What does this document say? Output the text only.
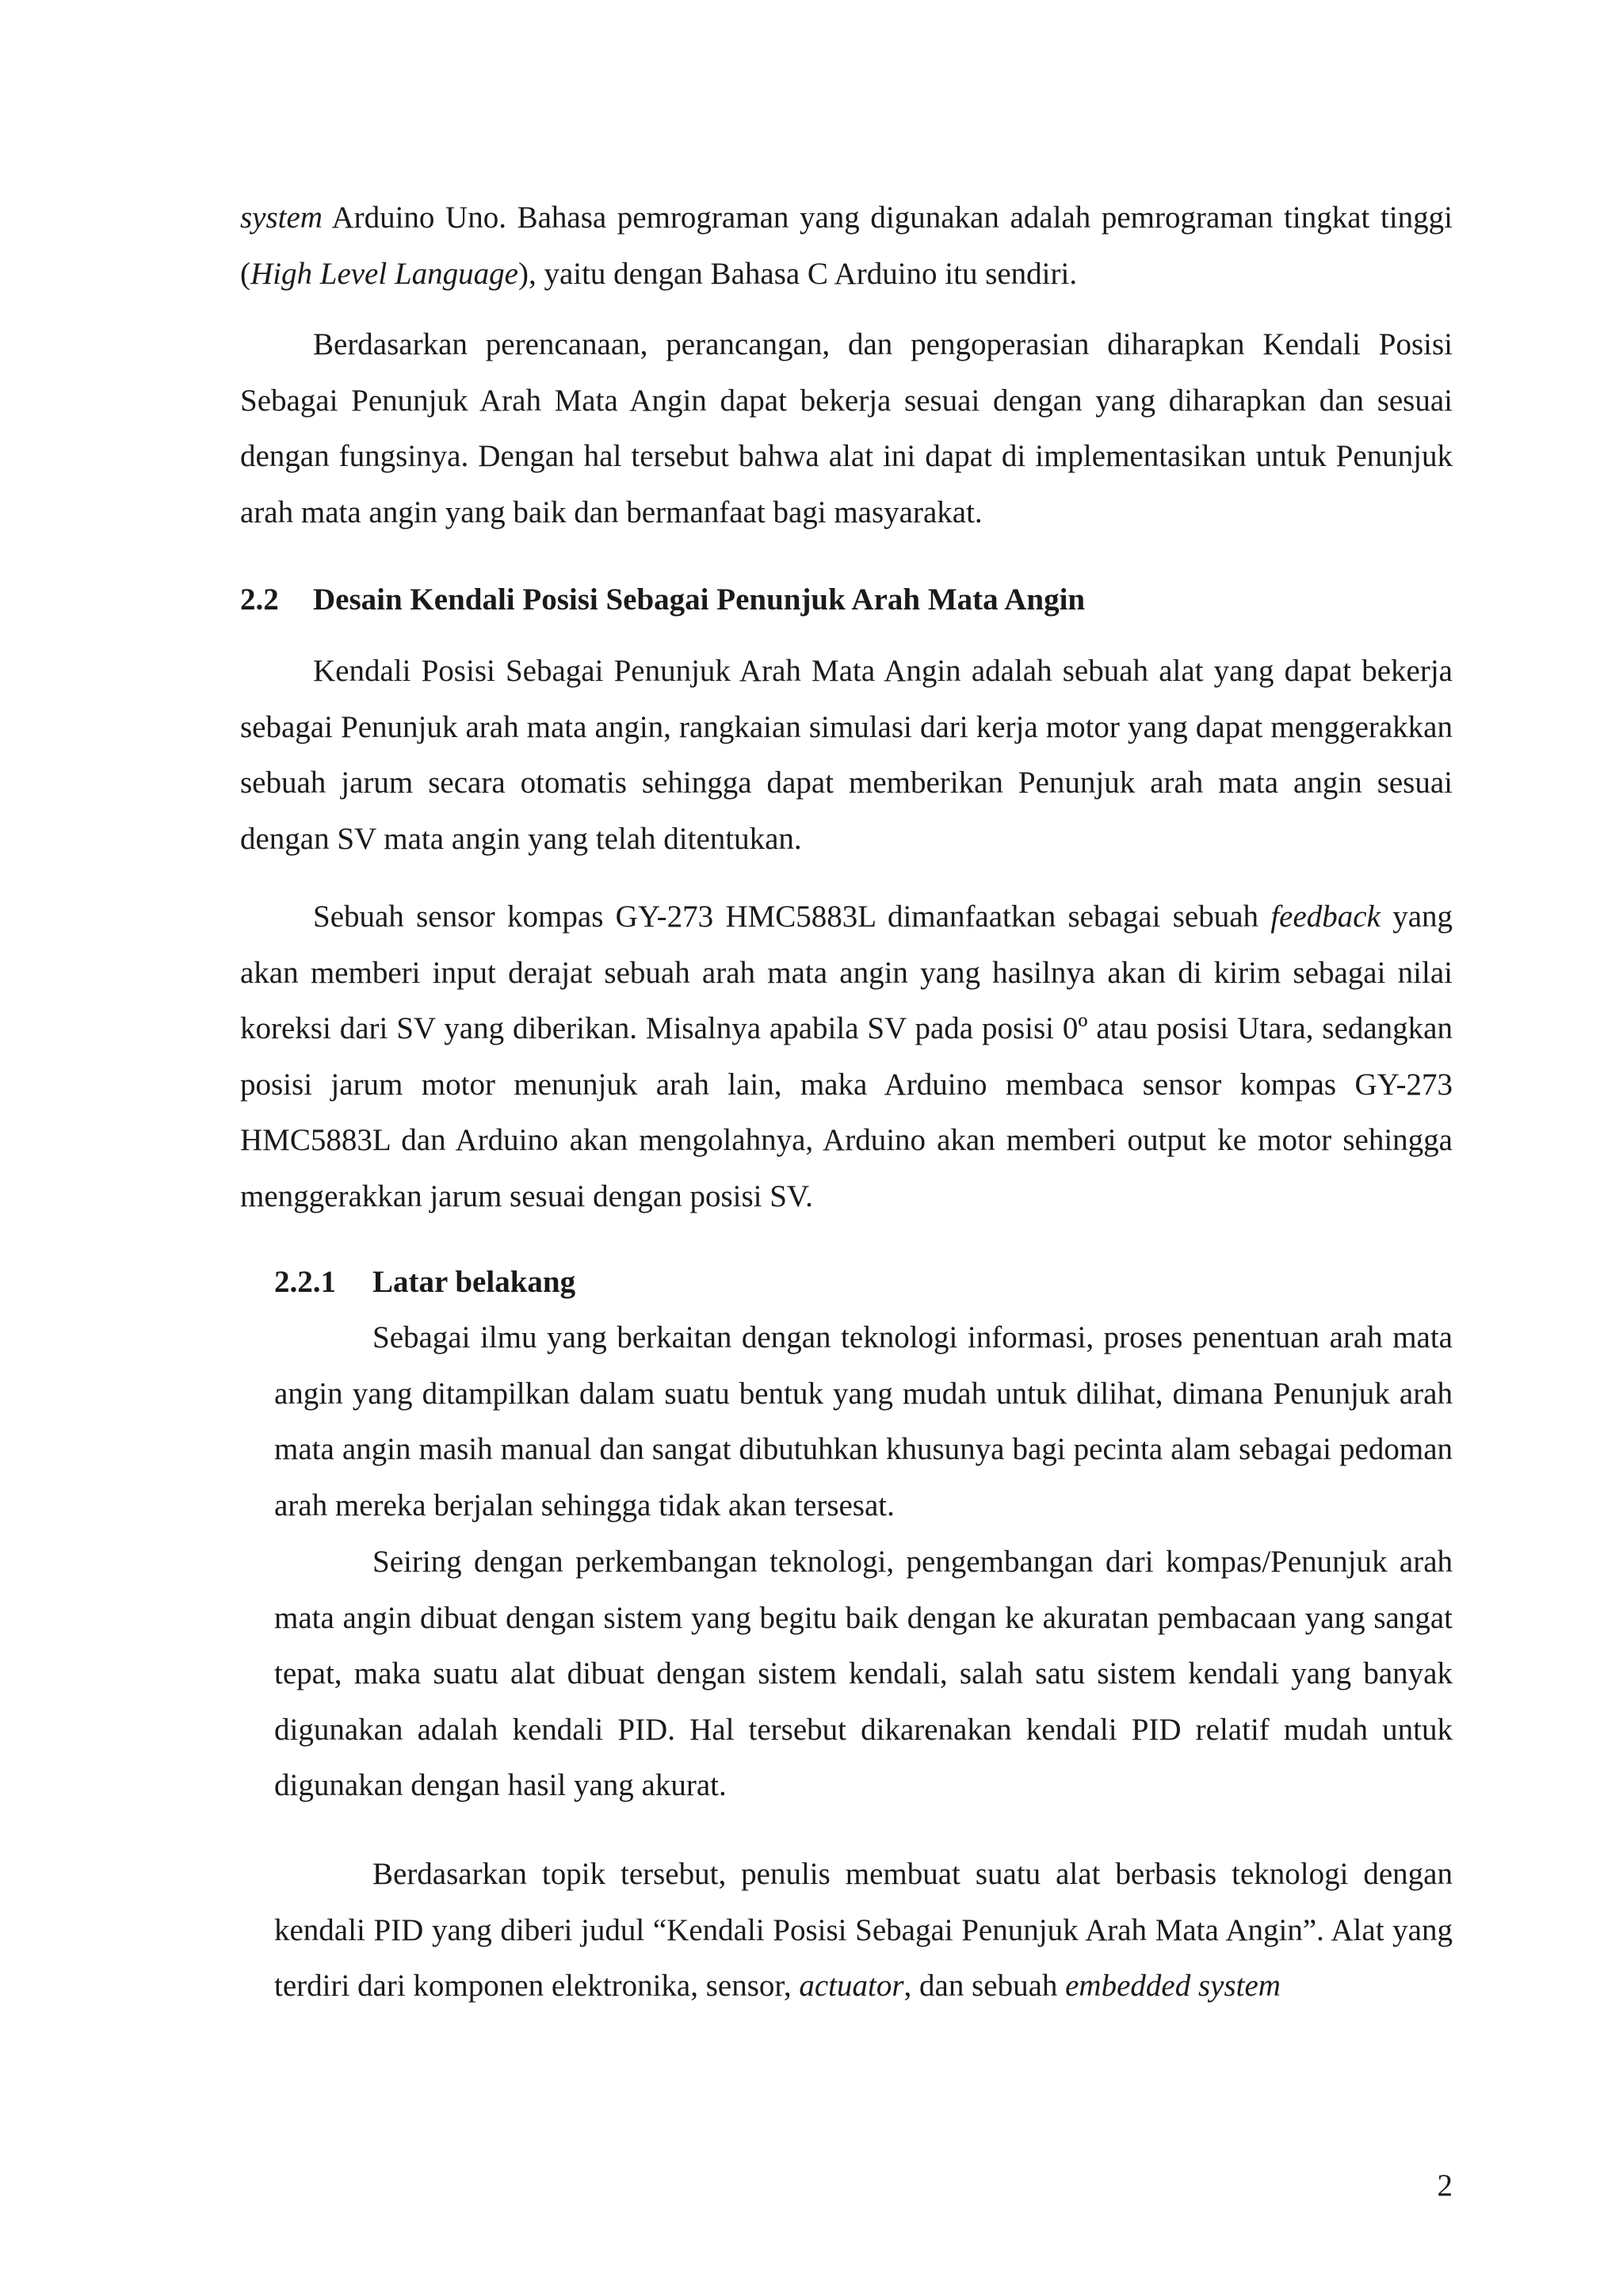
system Arduino Uno. Bahasa pemrograman yang digunakan adalah pemrograman tingkat tinggi (High Level Language), yaitu dengan Bahasa C Arduino itu sendiri.

Berdasarkan perencanaan, perancangan, dan pengoperasian diharapkan Kendali Posisi Sebagai Penunjuk Arah Mata Angin dapat bekerja sesuai dengan yang diharapkan dan sesuai dengan fungsinya. Dengan hal tersebut bahwa alat ini dapat di implementasikan untuk Penunjuk arah mata angin yang baik dan bermanfaat bagi masyarakat.

2.2 Desain Kendali Posisi Sebagai Penunjuk Arah Mata Angin

Kendali Posisi Sebagai Penunjuk Arah Mata Angin adalah sebuah alat yang dapat bekerja sebagai Penunjuk arah mata angin, rangkaian simulasi dari kerja motor yang dapat menggerakkan sebuah jarum secara otomatis sehingga dapat memberikan Penunjuk arah mata angin sesuai dengan SV mata angin yang telah ditentukan.

Sebuah sensor kompas GY-273 HMC5883L dimanfaatkan sebagai sebuah feedback yang akan memberi input derajat sebuah arah mata angin yang hasilnya akan di kirim sebagai nilai koreksi dari SV yang diberikan. Misalnya apabila SV pada posisi 0º atau posisi Utara, sedangkan posisi jarum motor menunjuk arah lain, maka Arduino membaca sensor kompas GY-273 HMC5883L dan Arduino akan mengolahnya, Arduino akan memberi output ke motor sehingga menggerakkan jarum sesuai dengan posisi SV.

2.2.1 Latar belakang

Sebagai ilmu yang berkaitan dengan teknologi informasi, proses penentuan arah mata angin yang ditampilkan dalam suatu bentuk yang mudah untuk dilihat, dimana Penunjuk arah mata angin masih manual dan sangat dibutuhkan khusunya bagi pecinta alam sebagai pedoman arah mereka berjalan sehingga tidak akan tersesat.

Seiring dengan perkembangan teknologi, pengembangan dari kompas/Penunjuk arah mata angin dibuat dengan sistem yang begitu baik dengan ke akuratan pembacaan yang sangat tepat, maka suatu alat dibuat dengan sistem kendali, salah satu sistem kendali yang banyak digunakan adalah kendali PID. Hal tersebut dikarenakan kendali PID relatif mudah untuk digunakan dengan hasil yang akurat.

Berdasarkan topik tersebut, penulis membuat suatu alat berbasis teknologi dengan kendali PID yang diberi judul “Kendali Posisi Sebagai Penunjuk Arah Mata Angin”. Alat yang terdiri dari komponen elektronika, sensor, actuator, dan sebuah embedded system

2
